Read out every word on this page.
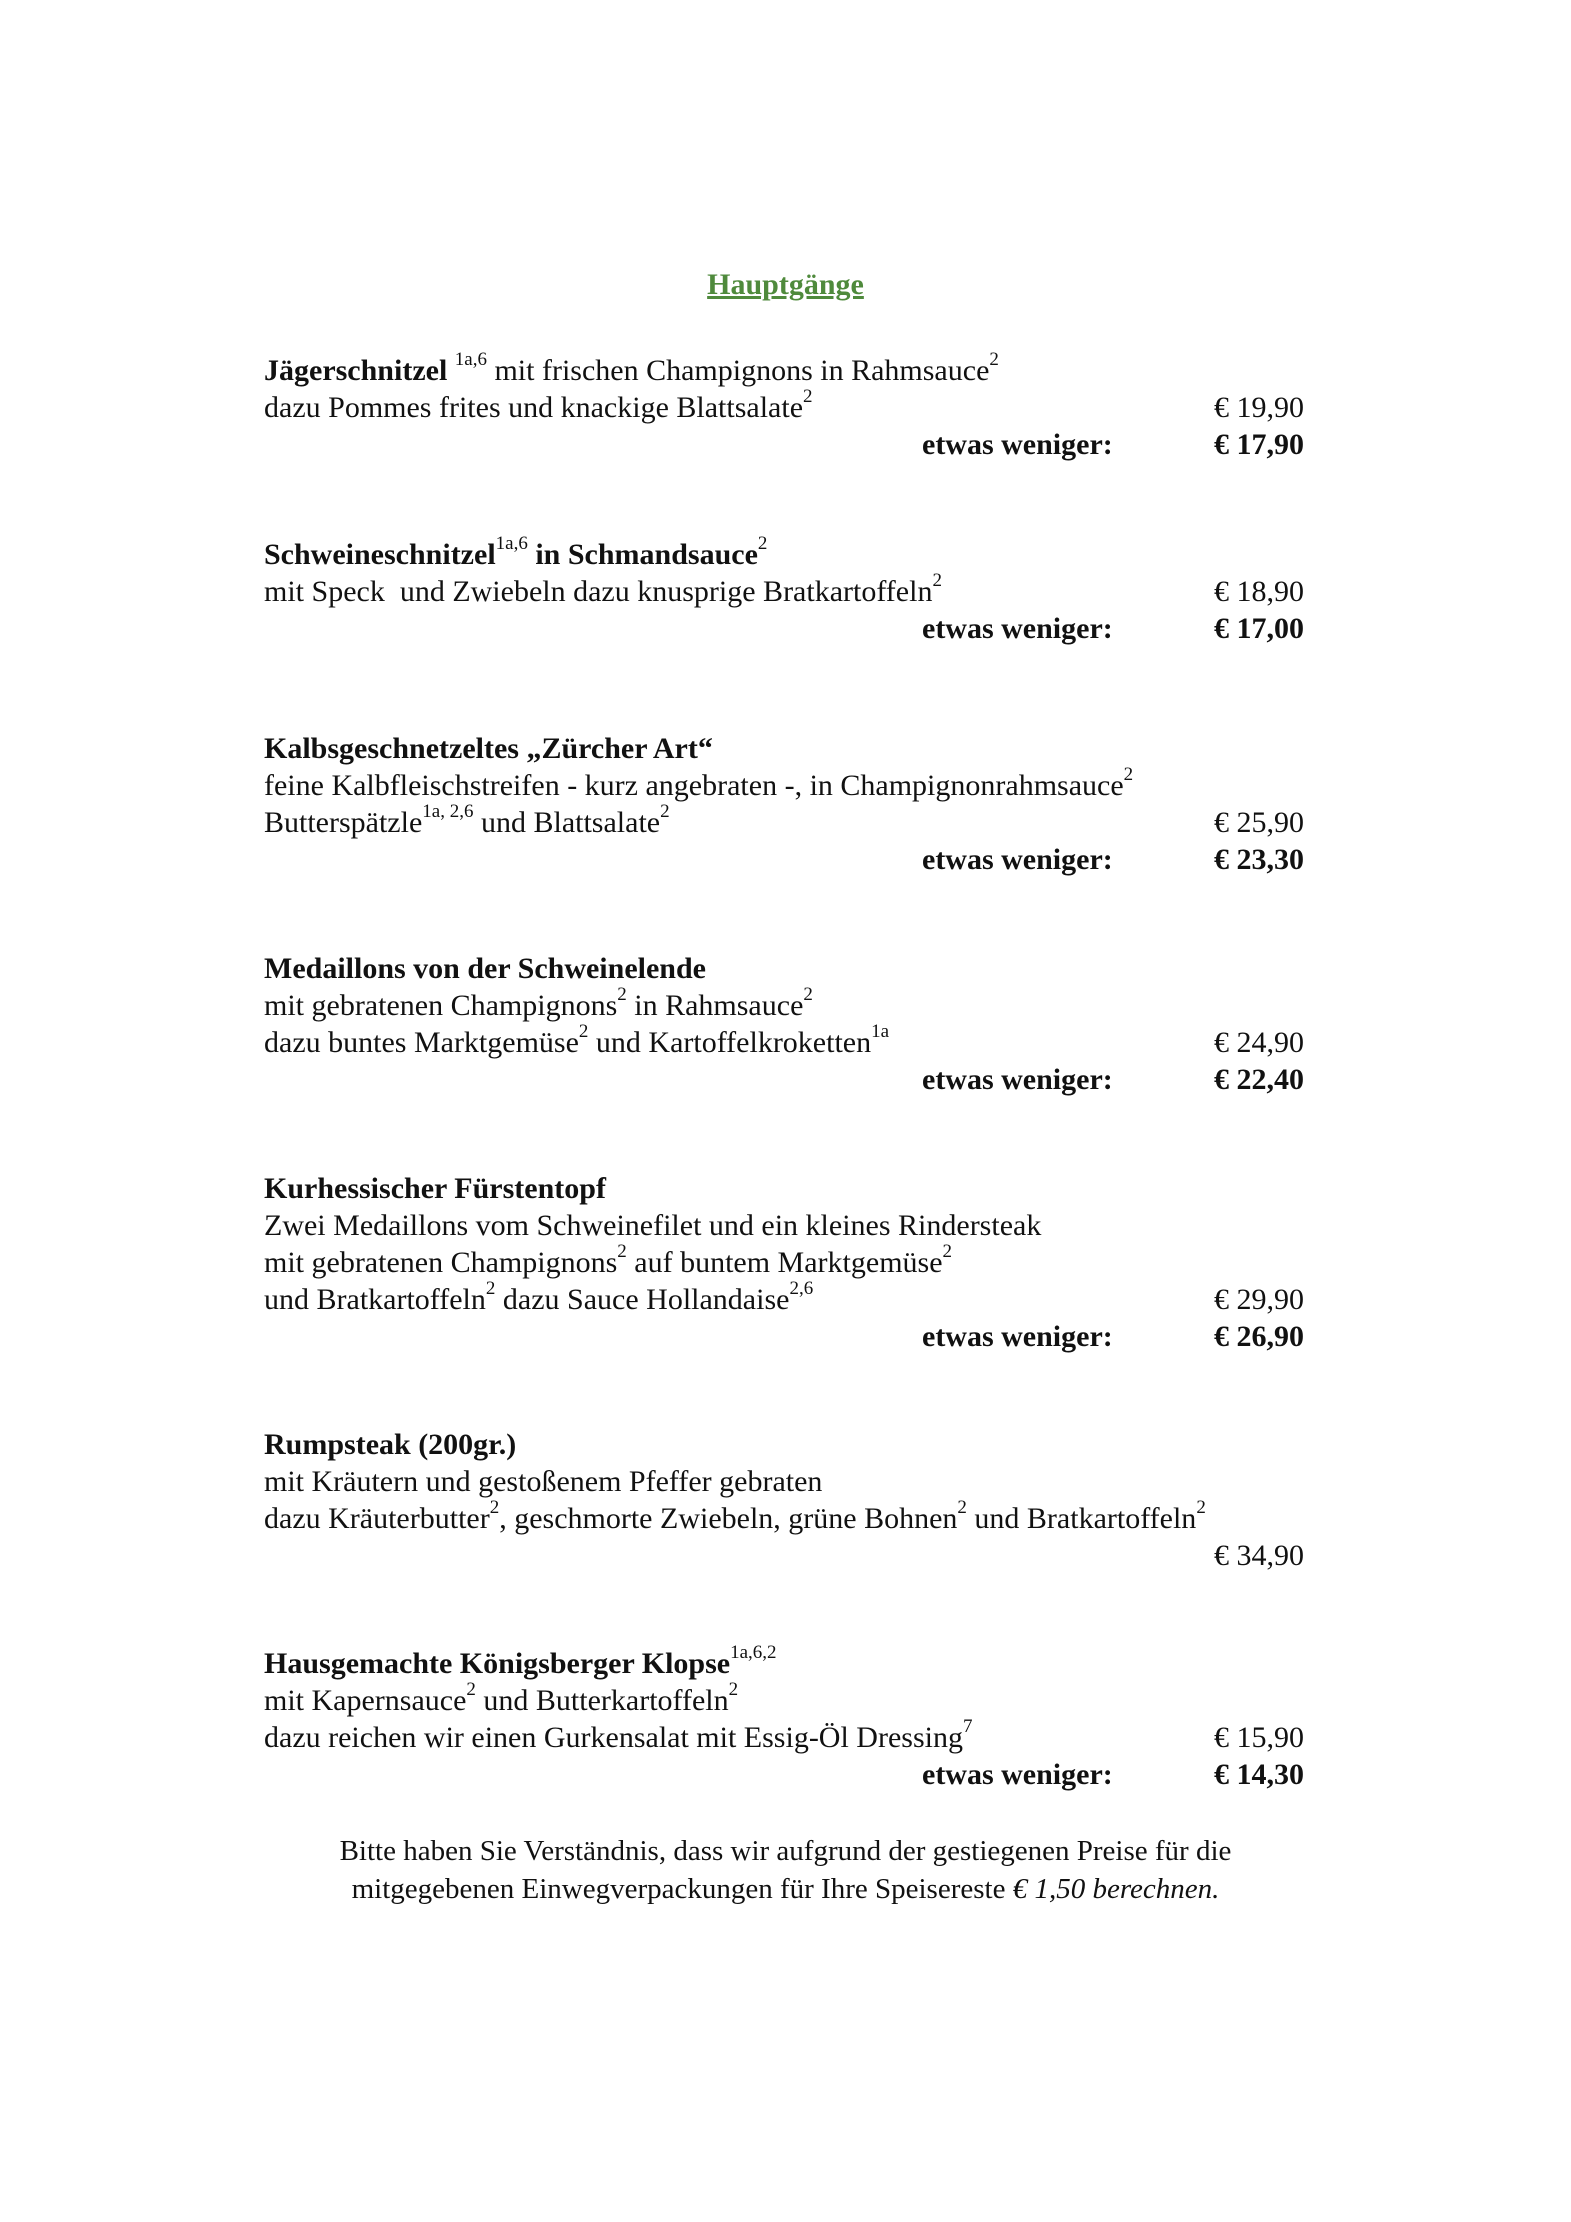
Hauptgänge
Jägerschnitzel $^{1a,6}$ mit frischen Champignons in Rahmsauce$^2$
dazu Pommes frites und knackige Blattsalate$^2$	€ 19,90
etwas weniger:	€ 17,90
Schweineschnitzel$^{1a,6}$ in Schmandsauce$^2$
mit Speck  und Zwiebeln dazu knusprige Bratkartoffeln$^2$	€ 18,90
etwas weniger:	€ 17,00
Kalbsgeschnetzeltes „Zürcher Art“
feine Kalbfleischstreifen - kurz angebraten -, in Champignonrahmsauce$^2$
Butterspätzle$^{1a, 2,6}$ und Blattsalate$^2$	€ 25,90
etwas weniger:	€ 23,30
Medaillons von der Schweinelende
mit gebratenen Champignons$^2$ in Rahmsauce$^2$
dazu buntes Marktgemüse$^2$ und Kartoffelkroketten$^{1a}$	€ 24,90
etwas weniger:	€ 22,40
Kurhessischer Fürstentopf
Zwei Medaillons vom Schweinefilet und ein kleines Rindersteak
mit gebratenen Champignons$^2$ auf buntem Marktgemüse$^2$
und Bratkartoffeln$^2$ dazu Sauce Hollandaise$^{2,6}$	€ 29,90
etwas weniger:	€ 26,90
Rumpsteak (200gr.)
mit Kräutern und gestoßenem Pfeffer gebraten
dazu Kräuterbutter$^2$, geschmorte Zwiebeln, grüne Bohnen$^2$ und Bratkartoffeln$^2$
€ 34,90
Hausgemachte Königsberger Klopse$^{1a,6,2}$
mit Kapernsauce$^2$ und Butterkartoffeln$^2$
dazu reichen wir einen Gurkensalat mit Essig-Öl Dressing$^7$	€ 15,90
etwas weniger:	€ 14,30
Bitte haben Sie Verständnis, dass wir aufgrund der gestiegenen Preise für die
mitgegebenen Einwegverpackungen für Ihre Speisereste € 1,50 berechnen.
